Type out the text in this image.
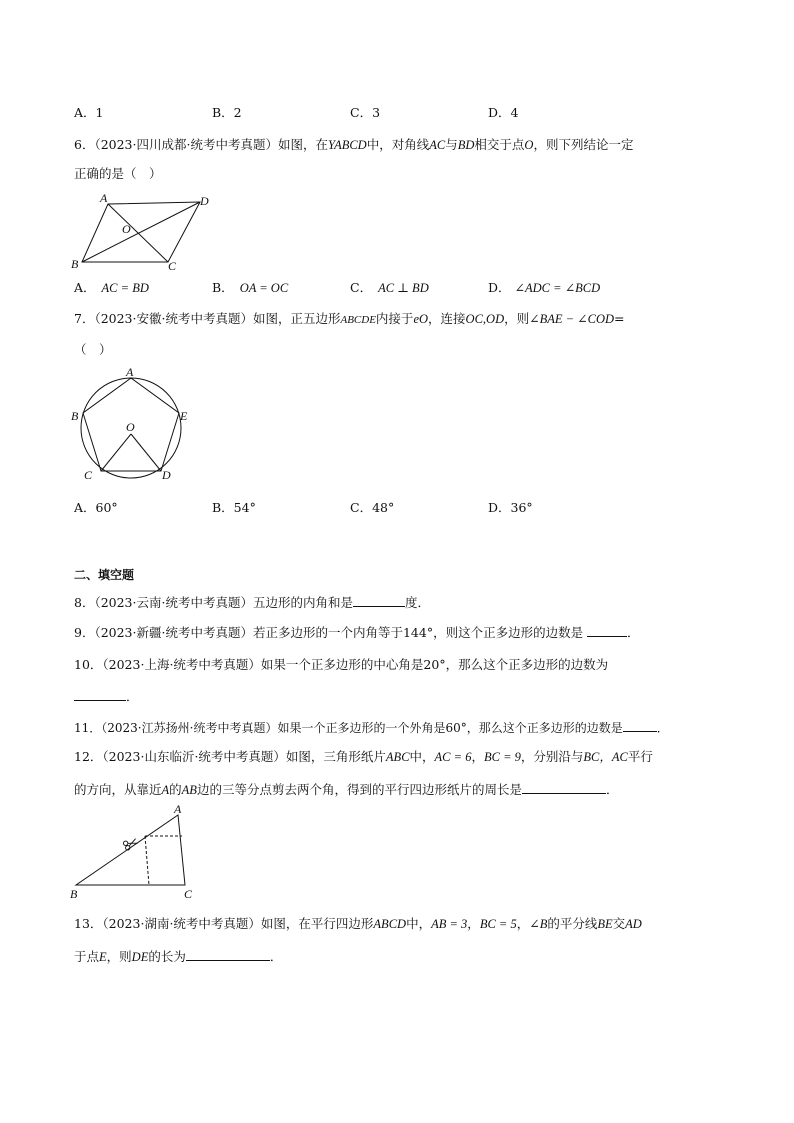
A．1	B．2	C．3	D．4
6．（2023·四川成都·统考中考真题）如图，在YABCD中，对角线AC与BD相交于点O，则下列结论一定
正确的是（　）
A	D
O
B	C
A． AC = BD	B． OA = OC	C． AC ⊥ BD	D． ∠ADC = ∠BCD
7．（2023·安徽·统考中考真题）如图，正五边形ABCDE内接于eO，连接OC,OD，则∠BAE − ∠COD=
（　）
A
B	E
O
C	D
A．60°	B．54°	C．48°	D．36°
二、填空题
8．（2023·云南·统考中考真题）五边形的内角和是	度．
9．（2023·新疆·统考中考真题）若正多边形的一个内角等于144°，则这个正多边形的边数是	．
10．（2023·上海·统考中考真题）如果一个正多边形的中心角是20°，那么这个正多边形的边数为
．
11．（2023·江苏扬州·统考中考真题）如果一个正多边形的一个外角是60°，那么这个正多边形的边数是	．
12．（2023·山东临沂·统考中考真题）如图，三角形纸片ABC中，AC = 6，BC = 9，分别沿与BC，AC平行
的方向，从靠近A的AB边的三等分点剪去两个角，得到的平行四边形纸片的周长是	．
A
B	C
13．（2023·湖南·统考中考真题）如图，在平行四边形ABCD中，AB = 3，BC = 5，∠B的平分线BE交AD
于点E，则DE的长为	．
